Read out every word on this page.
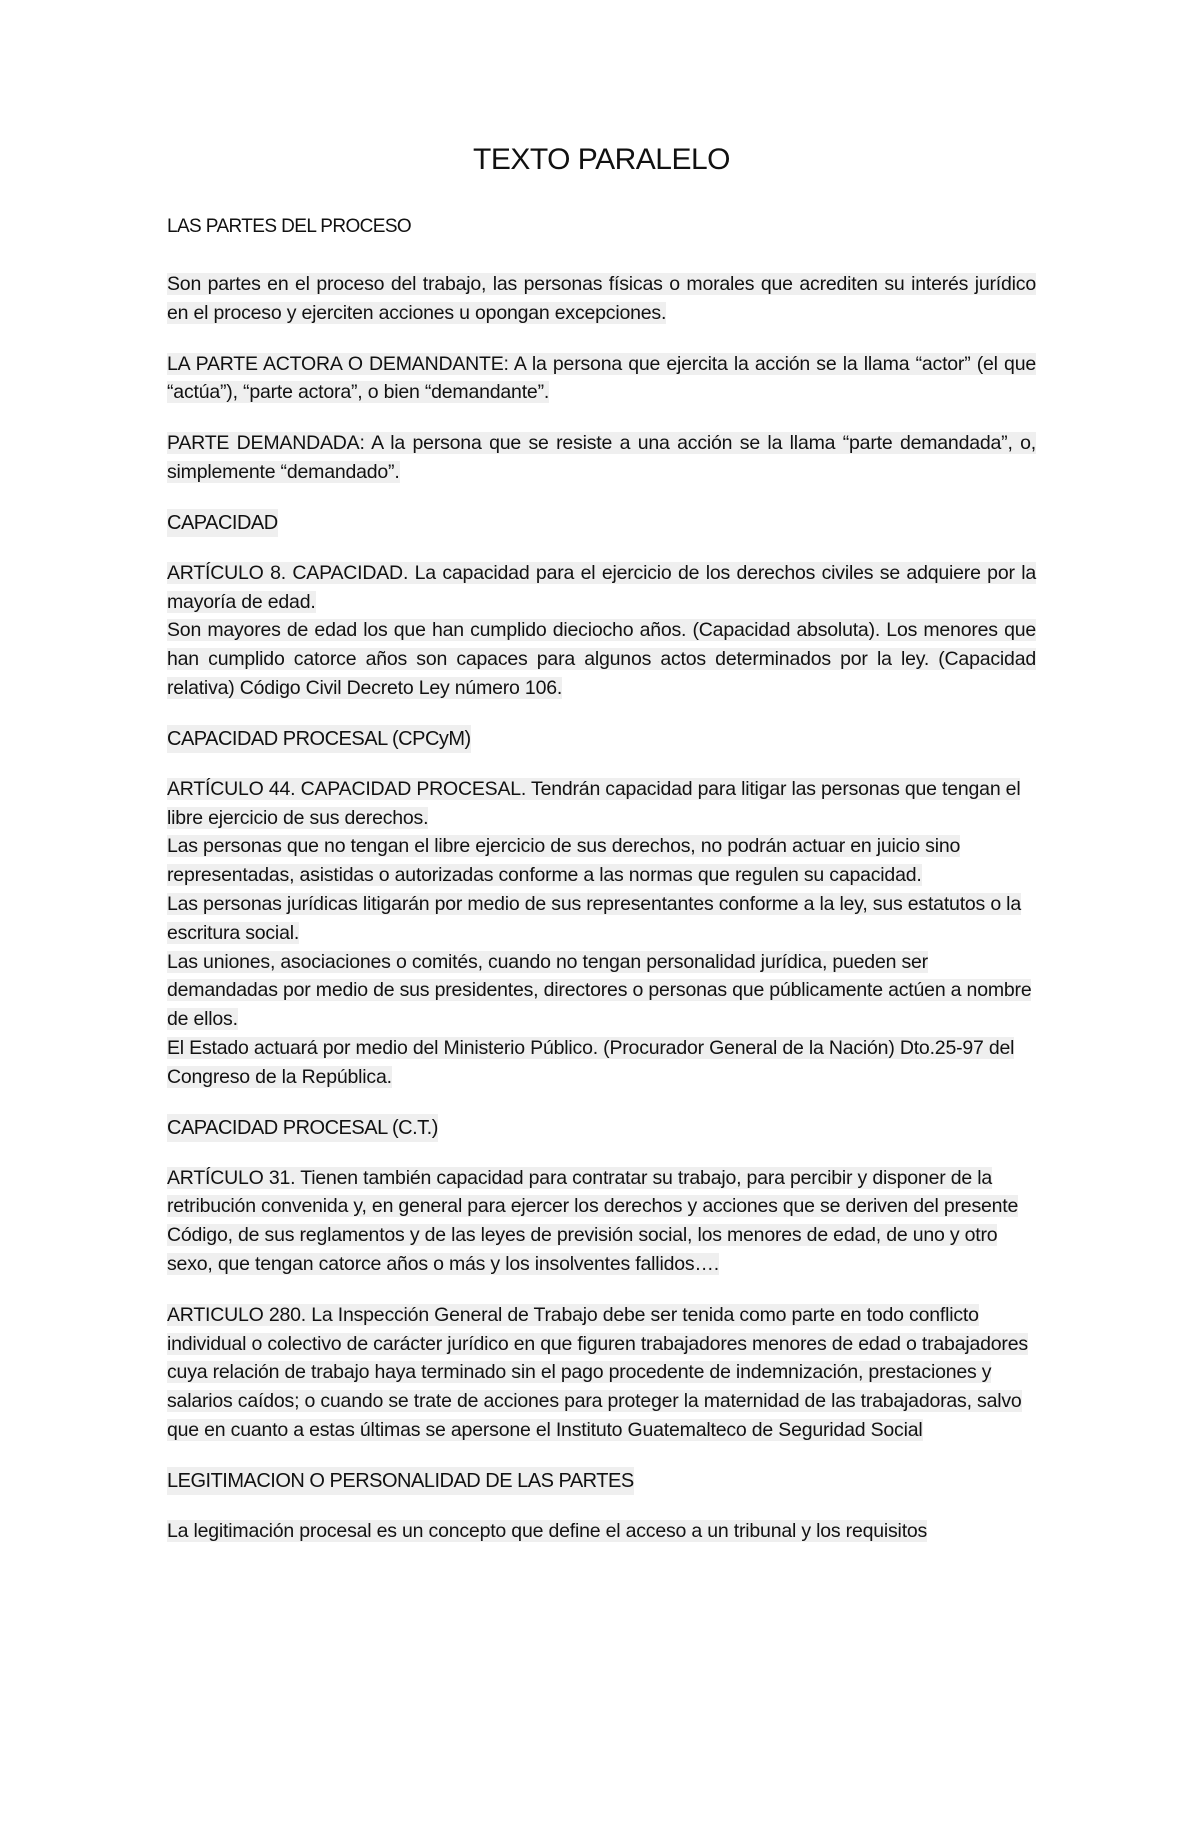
TEXTO PARALELO
LAS PARTES DEL PROCESO

Son partes en el proceso del trabajo, las personas físicas o morales que acrediten su interés jurídico en el proceso y ejerciten acciones u opongan excepciones.

LA PARTE ACTORA O DEMANDANTE: A la persona que ejercita la acción se la llama “actor” (el que “actúa”), “parte actora”, o bien “demandante”.

PARTE DEMANDADA: A la persona que se resiste a una acción se la llama “parte demandada”, o, simplemente “demandado”.

CAPACIDAD

ARTÍCULO 8. CAPACIDAD. La capacidad para el ejercicio de los derechos civiles se adquiere por la mayoría de edad.
Son mayores de edad los que han cumplido dieciocho años. (Capacidad absoluta). Los menores que han cumplido catorce años son capaces para algunos actos determinados por la ley. (Capacidad relativa) Código Civil Decreto Ley número 106.

CAPACIDAD PROCESAL (CPCyM)

ARTÍCULO 44. CAPACIDAD PROCESAL. Tendrán capacidad para litigar las personas que tengan el libre ejercicio de sus derechos.
Las personas que no tengan el libre ejercicio de sus derechos, no podrán actuar en juicio sino representadas, asistidas o autorizadas conforme a las normas que regulen su capacidad.
Las personas jurídicas litigarán por medio de sus representantes conforme a la ley, sus estatutos o la escritura social.
Las uniones, asociaciones o comités, cuando no tengan personalidad jurídica, pueden ser demandadas por medio de sus presidentes, directores o personas que públicamente actúen a nombre de ellos.
El Estado actuará por medio del Ministerio Público. (Procurador General de la Nación) Dto.25-97 del Congreso de la República.

CAPACIDAD PROCESAL (C.T.)

ARTÍCULO 31. Tienen también capacidad para contratar su trabajo, para percibir y disponer de la retribución convenida y, en general para ejercer los derechos y acciones que se deriven del presente Código, de sus reglamentos y de las leyes de previsión social, los menores de edad, de uno y otro sexo, que tengan catorce años o más y los insolventes fallidos….

ARTICULO 280. La Inspección General de Trabajo debe ser tenida como parte en todo conflicto individual o colectivo de carácter jurídico en que figuren trabajadores menores de edad o trabajadores cuya relación de trabajo haya terminado sin el pago procedente de indemnización, prestaciones y salarios caídos; o cuando se trate de acciones para proteger la maternidad de las trabajadoras, salvo que en cuanto a estas últimas se apersone el Instituto Guatemalteco de Seguridad Social

LEGITIMACION O PERSONALIDAD DE LAS PARTES

La legitimación procesal es un concepto que define el acceso a un tribunal y los requisitos
